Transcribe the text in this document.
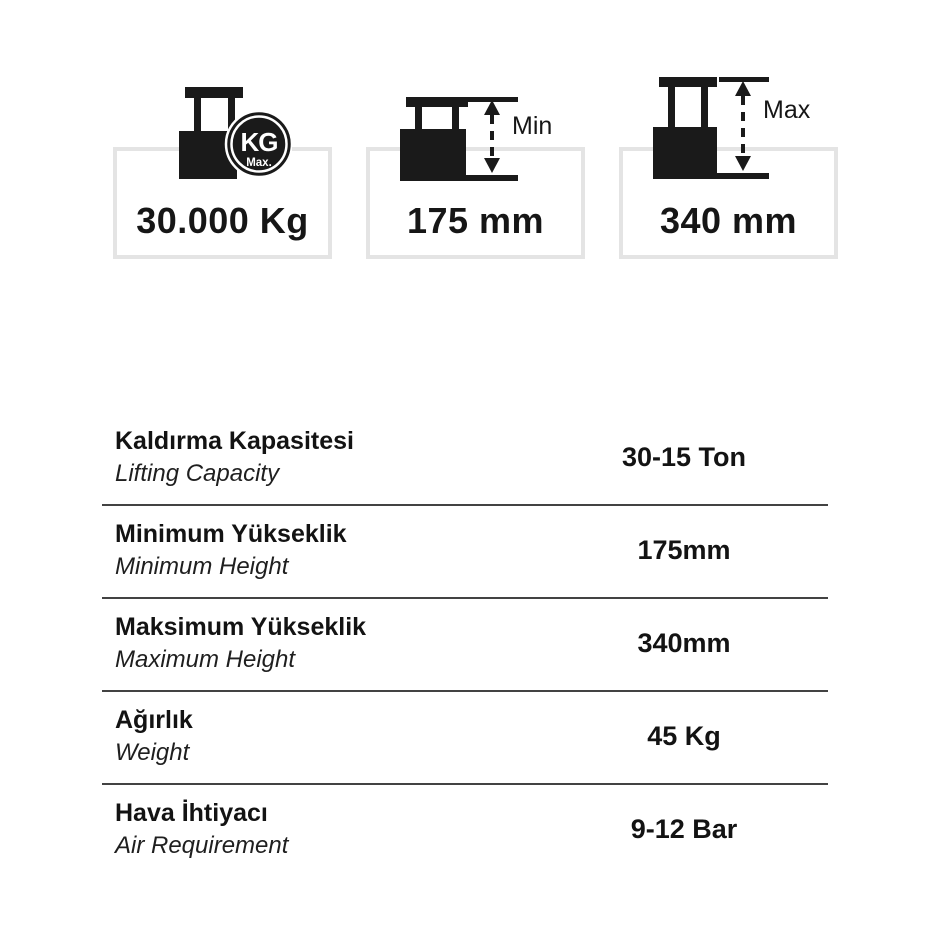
KG
Max.
30.000 Kg
Min
175 mm
Max
340 mm
Kaldırma Kapasitesi
Lifting Capacity
30-15 Ton
Minimum Yükseklik
Minimum Height
175mm
Maksimum Yükseklik
Maximum Height
340mm
Ağırlık
Weight
45 Kg
Hava İhtiyacı
Air Requirement
9-12 Bar
